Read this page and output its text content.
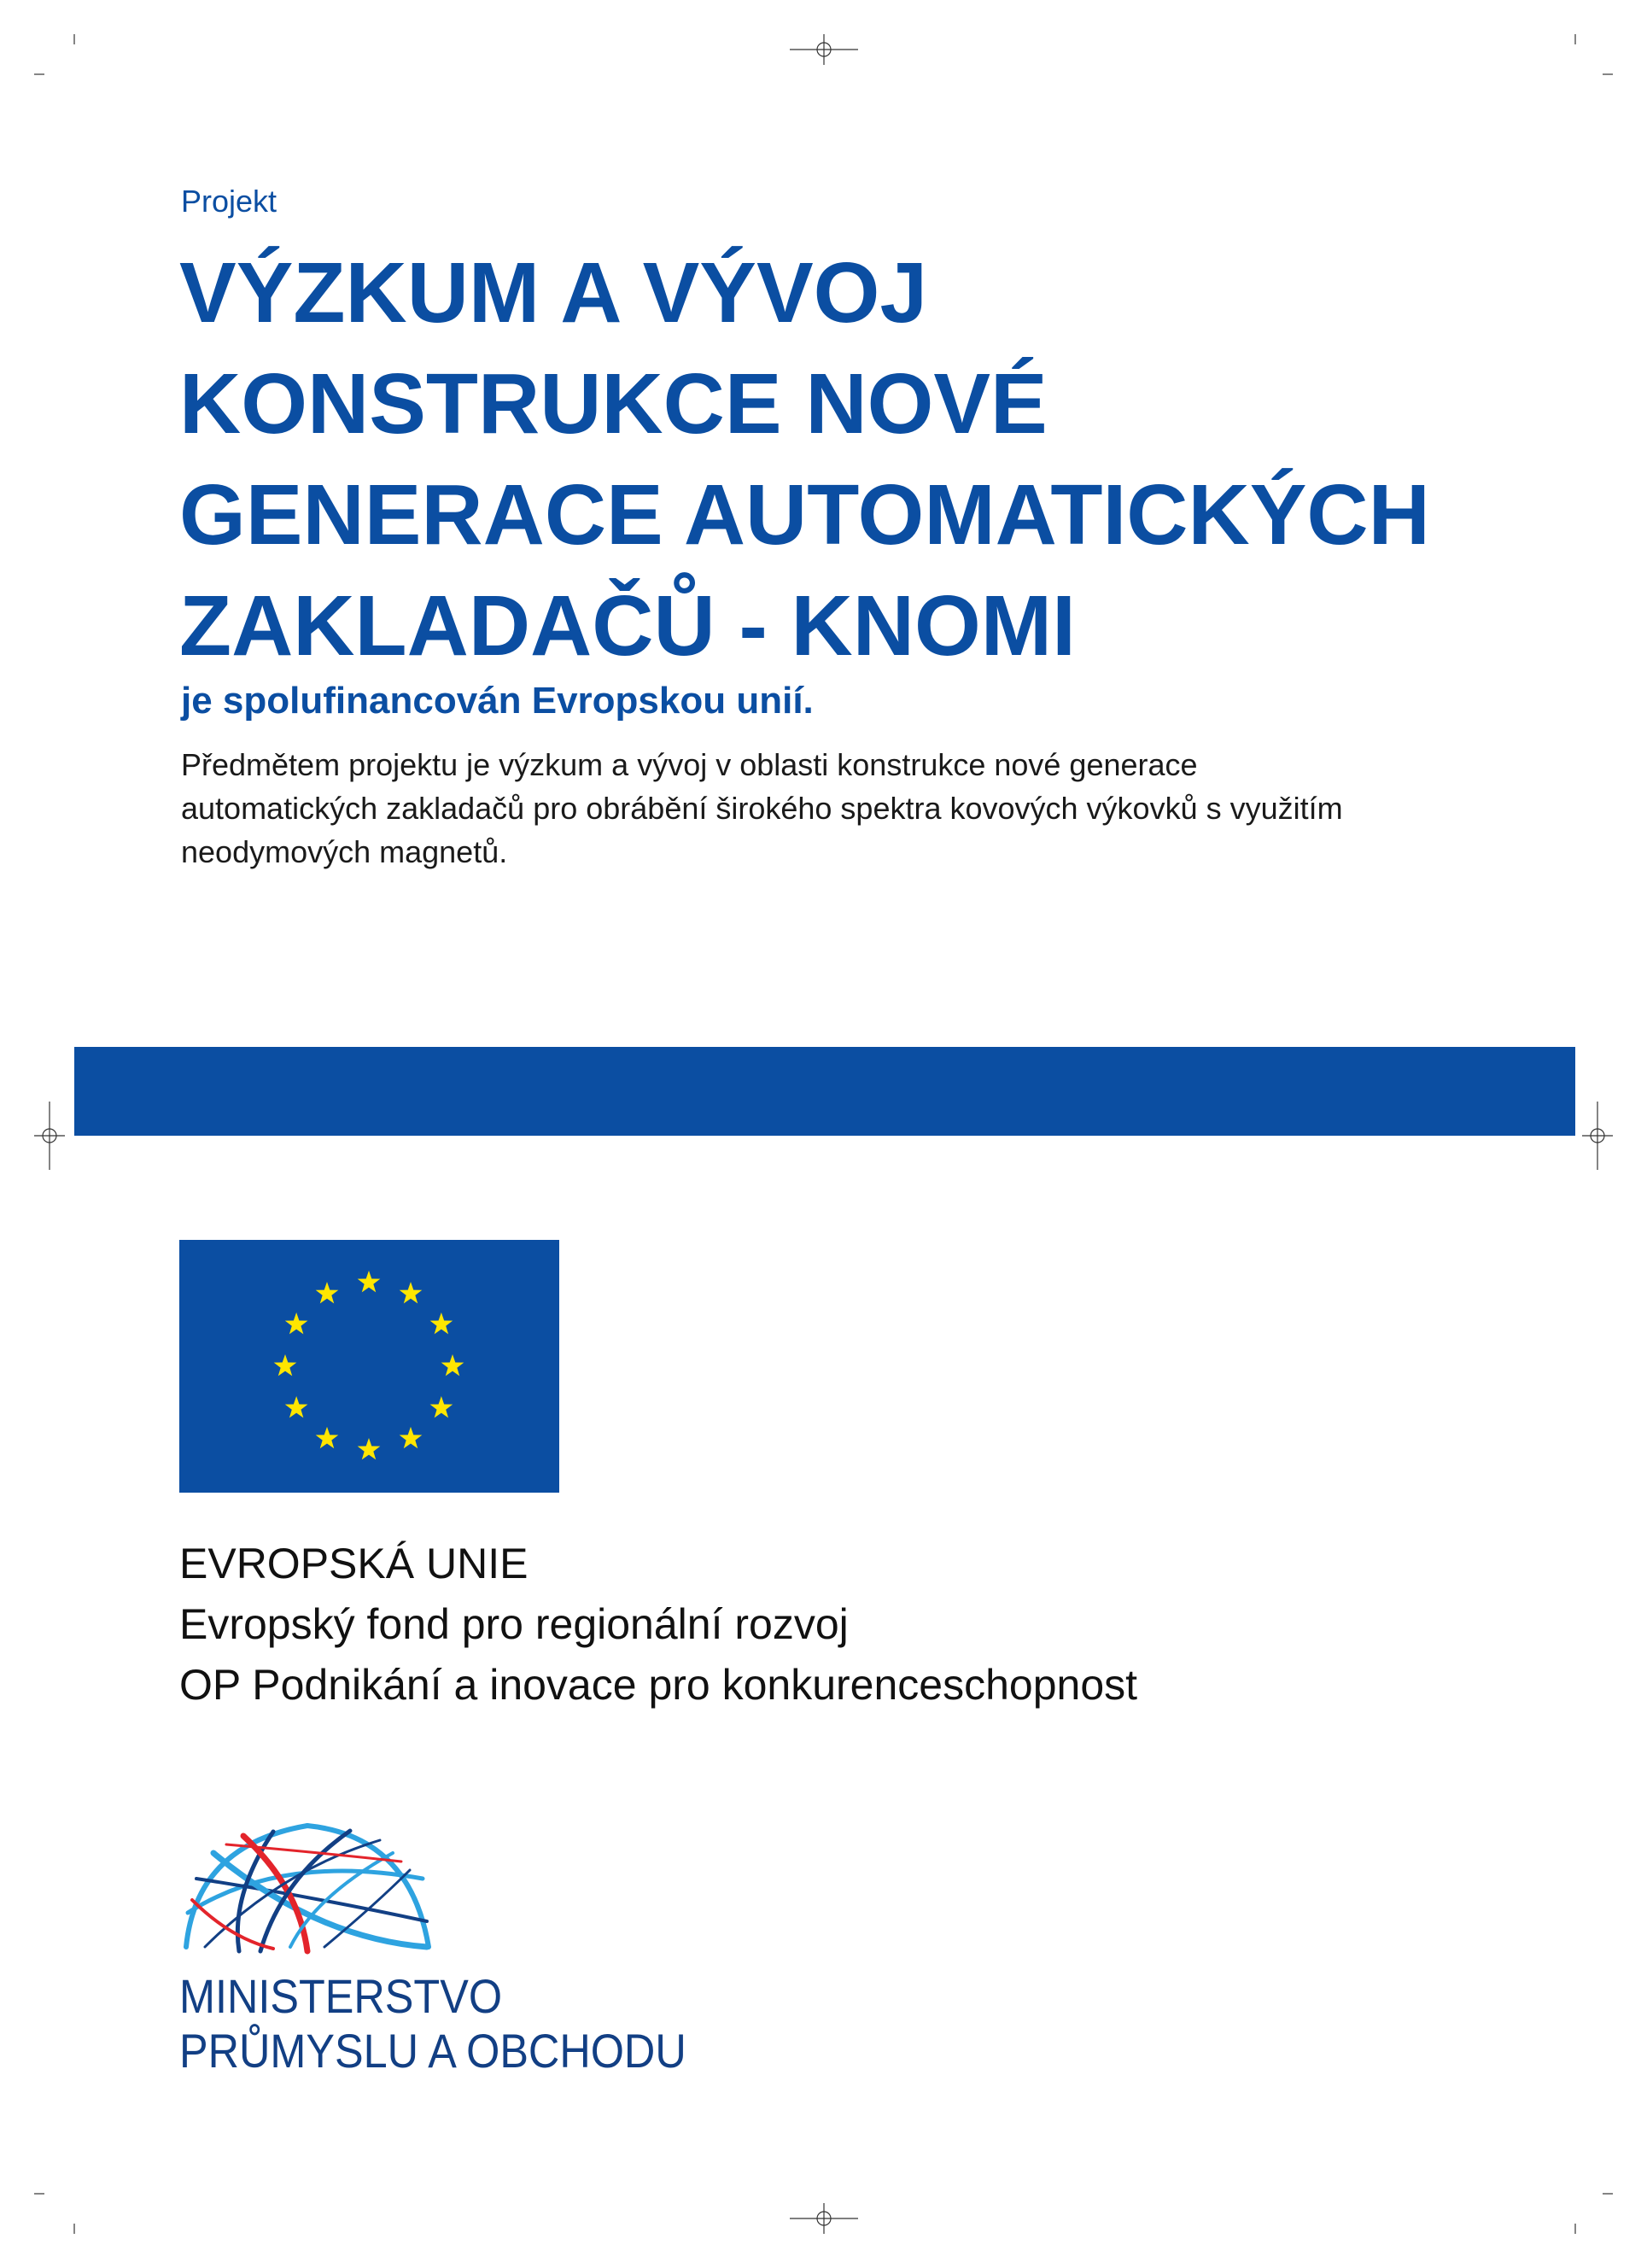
Projekt
VÝZKUM A VÝVOJ
KONSTRUKCE NOVÉ
GENERACE AUTOMATICKÝCH
ZAKLADAČŮ - KNOMI
je spolufinancován Evropskou unií.
Předmětem projektu je výzkum a vývoj v oblasti konstrukce nové generace
automatických zakladačů pro obrábění širokého spektra kovových výkovků s využitím
neodymových magnetů.
EVROPSKÁ UNIE
Evropský fond pro regionální rozvoj
OP Podnikání a inovace pro konkurenceschopnost
MINISTERSTVO
PRŮMYSLU A OBCHODU
